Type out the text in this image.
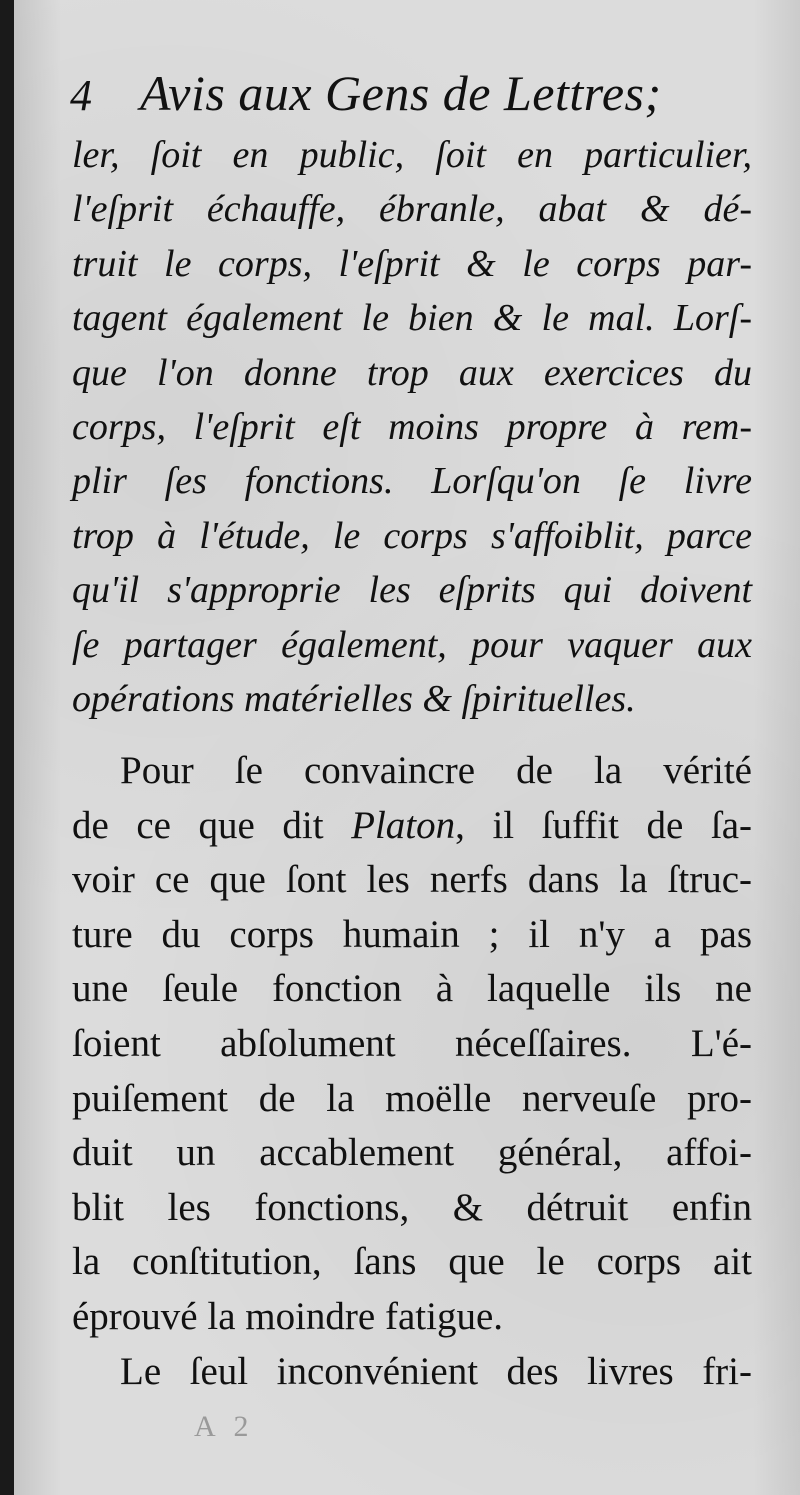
4 Avis aux Gens de Lettres;
ler, ſoit en public, ſoit en particulier,
l'eſprit échauffe, ébranle, abat & dé-
truit le corps, l'eſprit & le corps par-
tagent également le bien & le mal. Lorſ-
que l'on donne trop aux exercices du
corps, l'eſprit eſt moins propre à rem-
plir ſes fonctions. Lorſqu'on ſe livre
trop à l'étude, le corps s'affoiblit, parce
qu'il s'approprie les eſprits qui doivent
ſe partager également, pour vaquer aux
opérations matérielles & ſpirituelles.
Pour ſe convaincre de la vérité
de ce que dit Platon, il ſuffit de ſa-
voir ce que ſont les nerfs dans la ſtruc-
ture du corps humain ; il n'y a pas
une ſeule fonction à laquelle ils ne
ſoient abſolument néceſſaires. L'é-
puiſement de la moëlle nerveuſe pro-
duit un accablement général, affoi-
blit les fonctions, & détruit enfin
la conſtitution, ſans que le corps ait
éprouvé la moindre fatigue.
Le ſeul inconvénient des livres fri-
A 2
